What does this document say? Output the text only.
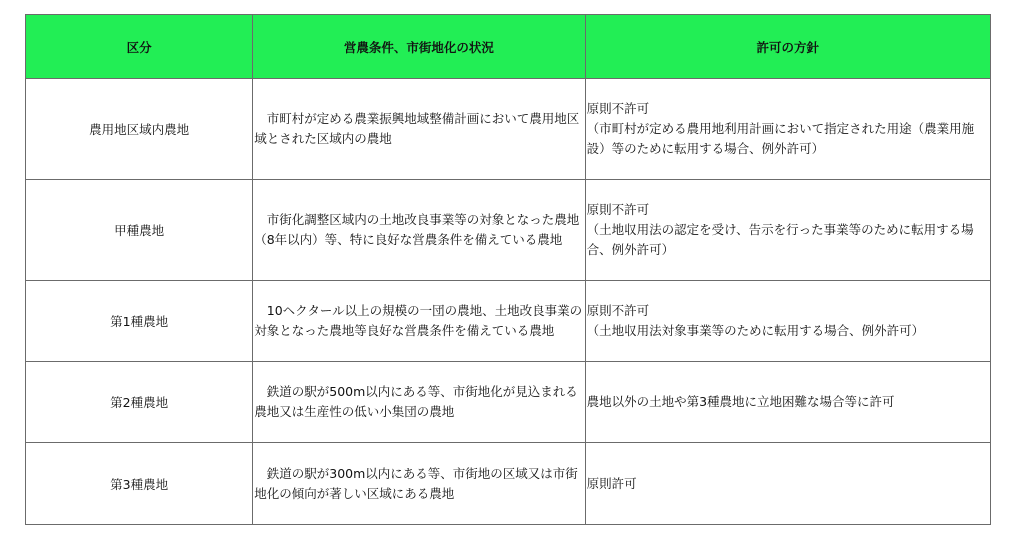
区分	営農条件、市街地化の状況	許可の方針
農用地区域内農地	市町村が定める農業振興地域整備計画において農用地区域とされた区域内の農地	原則不許可
（市町村が定める農用地利用計画において指定された用途（農業用施設）等のために転用する場合、例外許可）

甲種農地	市街化調整区域内の土地改良事業等の対象となった農地（8年以内）等、特に良好な営農条件を備えている農地	原則不許可
（土地収用法の認定を受け、告示を行った事業等のために転用する場合、例外許可）

第1種農地	10ヘクタール以上の規模の一団の農地、土地改良事業の対象となった農地等良好な営農条件を備えている農地	原則不許可
（土地収用法対象事業等のために転用する場合、例外許可）

第2種農地	鉄道の駅が500m以内にある等、市街地化が見込まれる農地又は生産性の低い小集団の農地	農地以外の土地や第3種農地に立地困難な場合等に許可

第3種農地	鉄道の駅が300m以内にある等、市街地の区域又は市街地化の傾向が著しい区域にある農地	原則許可
